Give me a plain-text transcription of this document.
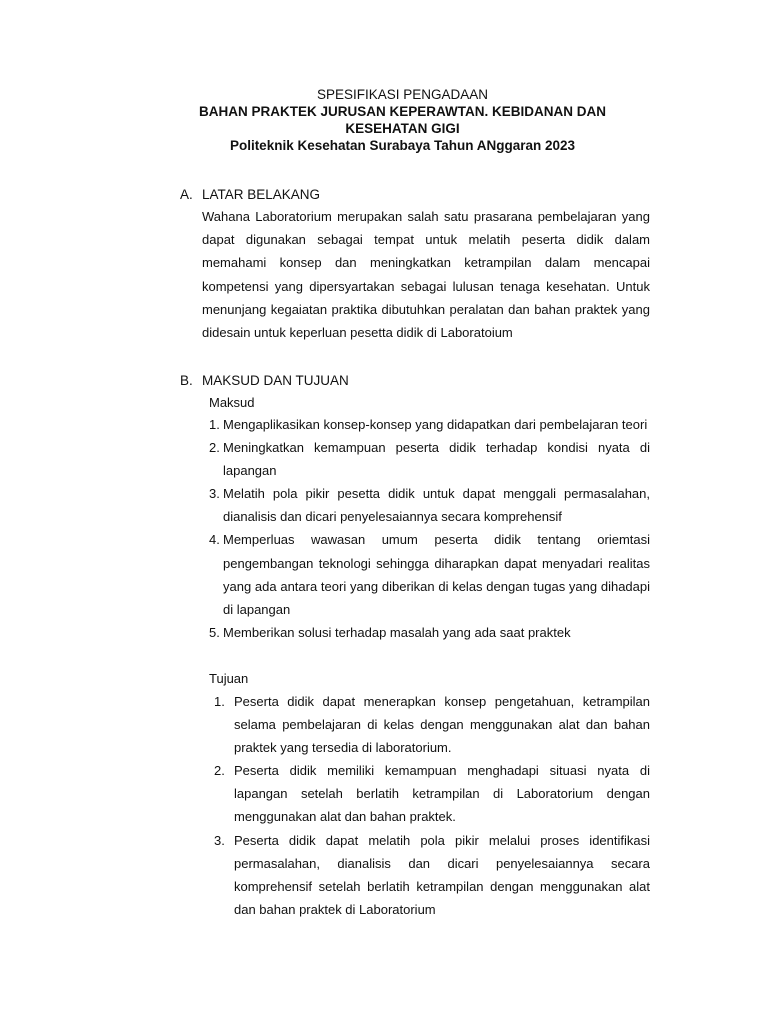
SPESIFIKASI PENGADAAN
BAHAN PRAKTEK JURUSAN KEPERAWTAN. KEBIDANAN DAN
KESEHATAN GIGI
Politeknik Kesehatan Surabaya Tahun ANggaran 2023
A. LATAR BELAKANG
Wahana Laboratorium merupakan salah satu prasarana pembelajaran yang dapat digunakan sebagai tempat untuk melatih peserta didik dalam memahami konsep dan meningkatkan ketrampilan dalam mencapai kompetensi yang dipersyartakan sebagai lulusan tenaga kesehatan. Untuk menunjang kegaiatan praktika dibutuhkan peralatan dan bahan praktek yang didesain untuk keperluan pesetta didik di Laboratoium
B. MAKSUD DAN TUJUAN
Maksud
1. Mengaplikasikan konsep-konsep yang didapatkan dari pembelajaran teori
2. Meningkatkan kemampuan peserta didik terhadap kondisi nyata di lapangan
3. Melatih pola pikir pesetta didik untuk dapat menggali permasalahan, dianalisis dan dicari penyelesaiannya secara komprehensif
4. Memperluas wawasan umum peserta didik tentang oriemtasi pengembangan teknologi sehingga diharapkan dapat menyadari realitas yang ada antara teori yang diberikan di kelas dengan tugas yang dihadapi di lapangan
5. Memberikan solusi terhadap masalah yang ada saat praktek
Tujuan
1. Peserta didik dapat menerapkan konsep pengetahuan, ketrampilan selama pembelajaran di kelas dengan menggunakan alat dan bahan praktek yang tersedia di laboratorium.
2. Peserta didik memiliki kemampuan menghadapi situasi nyata di lapangan setelah berlatih ketrampilan di Laboratorium dengan menggunakan alat dan bahan praktek.
3. Peserta didik dapat melatih pola pikir melalui proses identifikasi permasalahan, dianalisis dan dicari penyelesaiannya secara komprehensif setelah berlatih ketrampilan dengan menggunakan alat dan bahan praktek di Laboratorium
